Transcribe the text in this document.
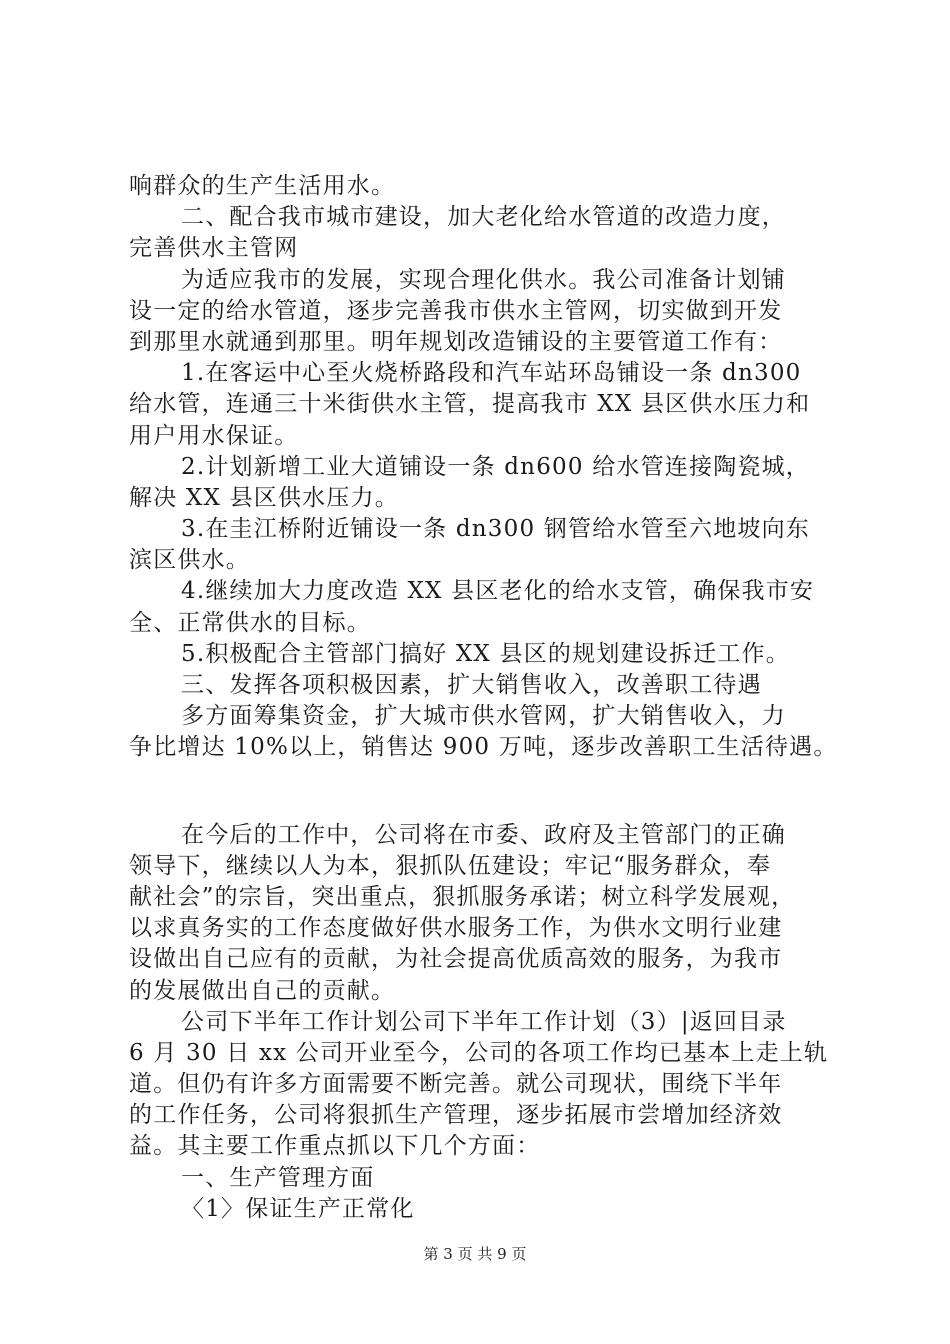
响群众的生产生活用水。
二、配合我市城市建设，加大老化给水管道的改造力度，
完善供水主管网
为适应我市的发展，实现合理化供水。我公司准备计划铺
设一定的给水管道，逐步完善我市供水主管网，切实做到开发
到那里水就通到那里。明年规划改造铺设的主要管道工作有：
1.在客运中心至火烧桥路段和汽车站环岛铺设一条 dn300
给水管，连通三十米街供水主管，提高我市 XX 县区供水压力和
用户用水保证。
2.计划新增工业大道铺设一条 dn600 给水管连接陶瓷城，
解决 XX 县区供水压力。
3.在圭江桥附近铺设一条 dn300 钢管给水管至六地坡向东
滨区供水。
4.继续加大力度改造 XX 县区老化的给水支管，确保我市安
全、正常供水的目标。
5.积极配合主管部门搞好 XX 县区的规划建设拆迁工作。
三、发挥各项积极因素，扩大销售收入，改善职工待遇
多方面筹集资金，扩大城市供水管网，扩大销售收入，力
争比增达 10%以上，销售达 900 万吨，逐步改善职工生活待遇。
在今后的工作中，公司将在市委、政府及主管部门的正确
领导下，继续以人为本，狠抓队伍建设；牢记“服务群众，奉
献社会”的宗旨，突出重点，狠抓服务承诺；树立科学发展观，
以求真务实的工作态度做好供水服务工作，为供水文明行业建
设做出自己应有的贡献，为社会提高优质高效的服务，为我市
的发展做出自己的贡献。
公司下半年工作计划公司下半年工作计划（3）|返回目录
6 月 30 日 xx 公司开业至今，公司的各项工作均已基本上走上轨
道。但仍有许多方面需要不断完善。就公司现状，围绕下半年
的工作任务，公司将狠抓生产管理，逐步拓展市尝增加经济效
益。其主要工作重点抓以下几个方面：
一、生产管理方面
〈1〉保证生产正常化
第 3 页 共 9 页
